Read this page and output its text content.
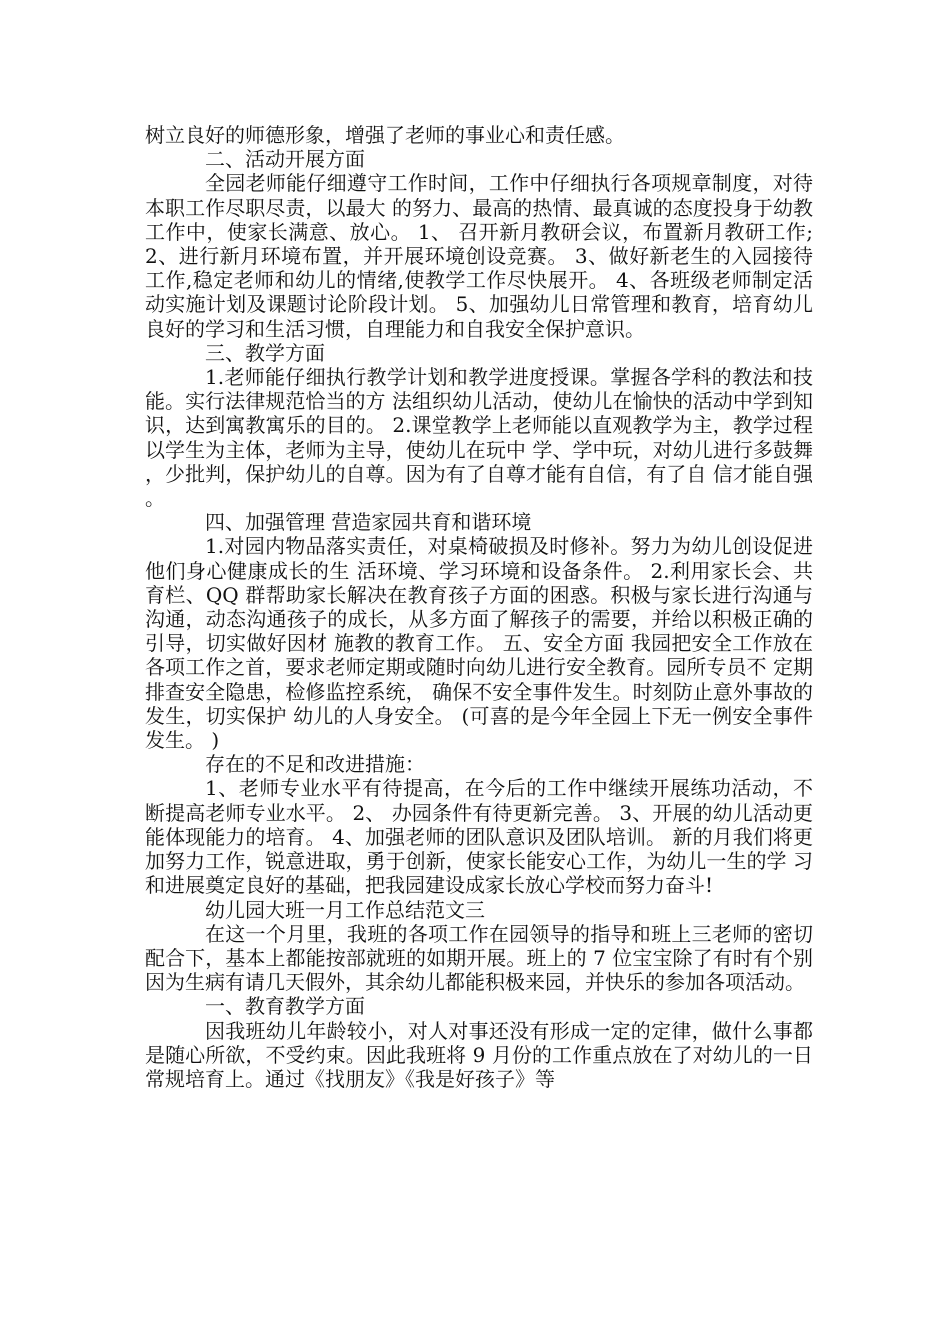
树立良好的师德形象，增强了老师的事业心和责任感。

二、活动开展方面

全园老师能仔细遵守工作时间，工作中仔细执行各项规章制度，对待本职工作尽职尽责，以最大 的努力、最高的热情、最真诚的态度投身于幼教工作中，使家长满意、放心。 1、 召开新月教研会议，布置新月教研工作; 2、进行新月环境布置，并开展环境创设竞赛。 3、做好新老生的入园接待工作,稳定老师和幼儿的情绪,使教学工作尽快展开。 4、各班级老师制定活动实施计划及课题讨论阶段计划。 5、加强幼儿日常管理和教育，培育幼儿良好的学习和生活习惯，自理能力和自我安全保护意识。

三、教学方面

1.老师能仔细执行教学计划和教学进度授课。掌握各学科的教法和技能。实行法律规范恰当的方 法组织幼儿活动，使幼儿在愉快的活动中学到知识，达到寓教寓乐的目的。 2.课堂教学上老师能以直观教学为主，教学过程以学生为主体，老师为主导，使幼儿在玩中 学、学中玩，对幼儿进行多鼓舞，少批判，保护幼儿的自尊。因为有了自尊才能有自信，有了自 信才能自强。

四、加强管理 营造家园共育和谐环境

1.对园内物品落实责任，对桌椅破损及时修补。努力为幼儿创设促进他们身心健康成长的生 活环境、学习环境和设备条件。 2.利用家长会、共育栏、QQ 群帮助家长解决在教育孩子方面的困惑。积极与家长进行沟通与 沟通，动态沟通孩子的成长，从多方面了解孩子的需要，并给以积极正确的引导，切实做好因材 施教的教育工作。 五、安全方面 我园把安全工作放在各项工作之首，要求老师定期或随时向幼儿进行安全教育。园所专员不 定期排查安全隐患，检修监控系统， 确保不安全事件发生。时刻防止意外事故的发生，切实保护 幼儿的人身安全。 (可喜的是今年全园上下无一例安全事件发生。 )

存在的不足和改进措施：

1、老师专业水平有待提高，在今后的工作中继续开展练功活动，不断提高老师专业水平。 2、 办园条件有待更新完善。 3、开展的幼儿活动更能体现能力的培育。 4、加强老师的团队意识及团队培训。 新的月我们将更加努力工作，锐意进取，勇于创新，使家长能安心工作，为幼儿一生的学 习和进展奠定良好的基础，把我园建设成家长放心学校而努力奋斗!

幼儿园大班一月工作总结范文三

在这一个月里，我班的各项工作在园领导的指导和班上三老师的密切配合下，基本上都能按部就班的如期开展。班上的 7 位宝宝除了有时有个别因为生病有请几天假外，其余幼儿都能积极来园，并快乐的参加各项活动。

一、教育教学方面

因我班幼儿年龄较小，对人对事还没有形成一定的定律，做什么事都是随心所欲，不受约束。因此我班将 9 月份的工作重点放在了对幼儿的一日常规培育上。通过《找朋友》《我是好孩子》等
